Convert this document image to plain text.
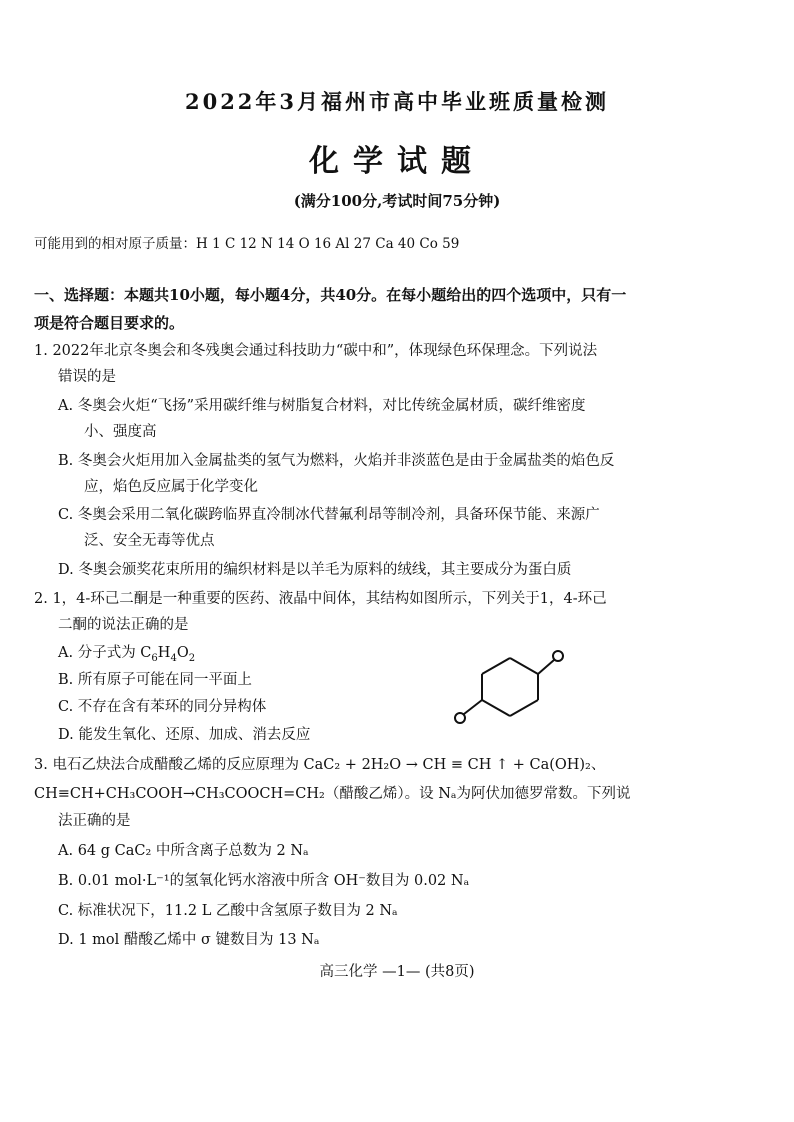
2022年3月福州市高中毕业班质量检测
化学试题
(满分100分,考试时间75分钟)
可能用到的相对原子质量：H 1 C 12 N 14 O 16 Al 27 Ca 40 Co 59
一、选择题：本题共10小题，每小题4分，共40分。在每小题给出的四个选项中，只有一
项是符合题目要求的。
1. 2022年北京冬奥会和冬残奥会通过科技助力“碳中和”，体现绿色环保理念。下列说法
错误的是
A. 冬奥会火炬“飞扬”采用碳纤维与树脂复合材料，对比传统金属材质，碳纤维密度
小、强度高
B. 冬奥会火炬用加入金属盐类的氢气为燃料，火焰并非淡蓝色是由于金属盐类的焰色反
应，焰色反应属于化学变化
C. 冬奥会采用二氧化碳跨临界直冷制冰代替氟利昂等制冷剂，具备环保节能、来源广
泛、安全无毒等优点
D. 冬奥会颁奖花束所用的编织材料是以羊毛为原料的绒线，其主要成分为蛋白质
2. 1，4-环己二酮是一种重要的医药、液晶中间体，其结构如图所示，下列关于1，4-环己
二酮的说法正确的是
A. 分子式为 $C_6H_4O_2$
B. 所有原子可能在同一平面上
C. 不存在含有苯环的同分异构体
D. 能发生氧化、还原、加成、消去反应
3. 电石乙炔法合成醋酸乙烯的反应原理为 CaC₂ + 2H₂O → CH ≡ CH ↑ + Ca(OH)₂、
CH≡CH+CH₃COOH→CH₃COOCH=CH₂（醋酸乙烯）。设 Nₐ为阿伏加德罗常数。下列说
法正确的是
A. 64 g CaC₂ 中所含离子总数为 2 Nₐ
B. 0.01 mol·L⁻¹的氢氧化钙水溶液中所含 OH⁻数目为 0.02 Nₐ
C. 标准状况下，11.2 L 乙酸中含氢原子数目为 2 Nₐ
D. 1 mol 醋酸乙烯中 σ 键数目为 13 Nₐ
高三化学 —1— (共8页)
